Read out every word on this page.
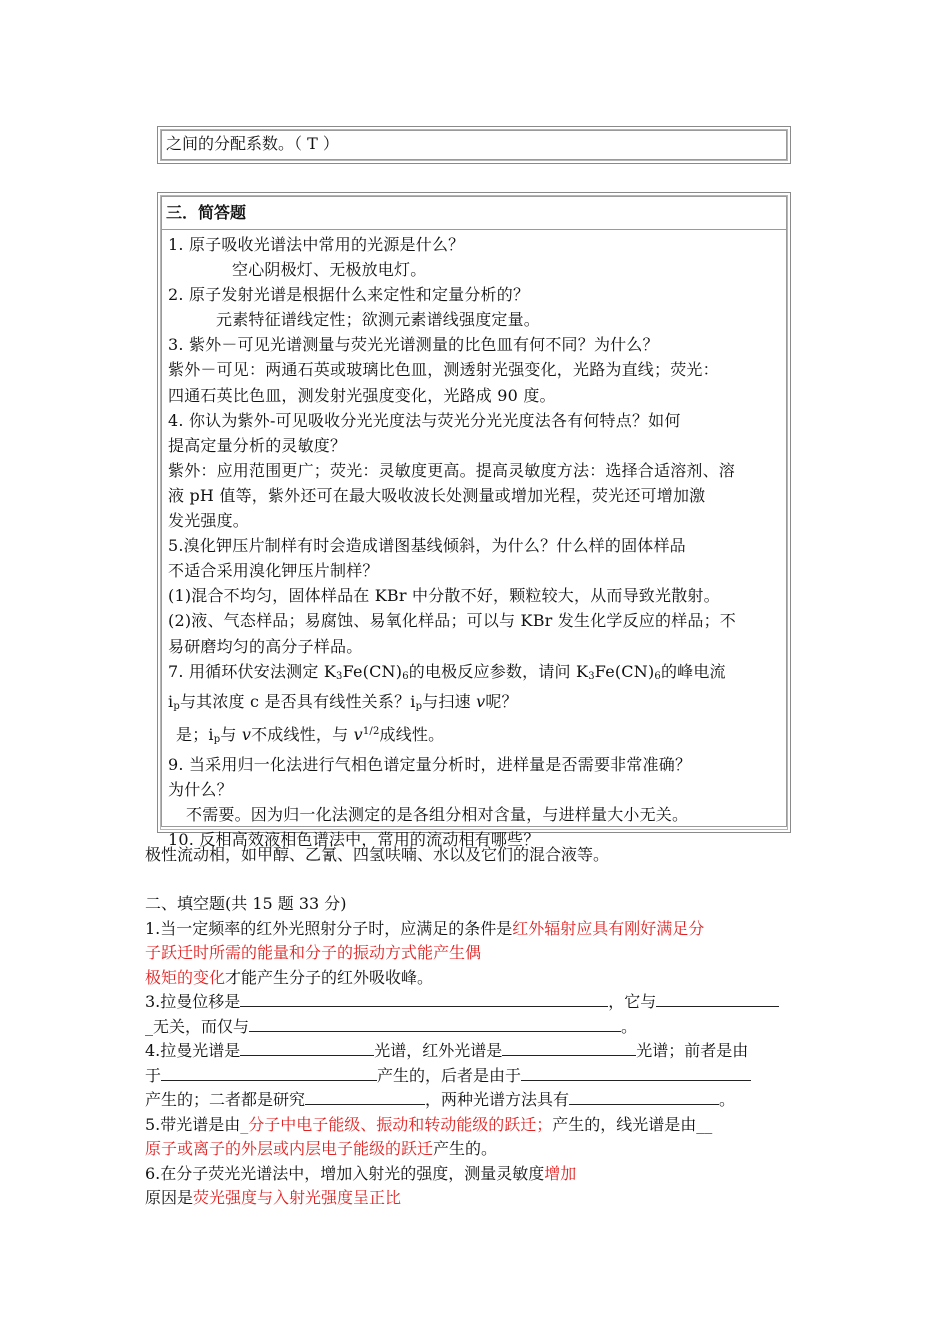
之间的分配系数。（ T ）
三．简答题

1. 原子吸收光谱法中常用的光源是什么？

空心阴极灯、无极放电灯。

2. 原子发射光谱是根据什么来定性和定量分析的？

元素特征谱线定性；欲测元素谱线强度定量。

3. 紫外－可见光谱测量与荧光光谱测量的比色皿有何不同？为什么？

紫外－可见：两通石英或玻璃比色皿，测透射光强变化，光路为直线；荧光：

四通石英比色皿，测发射光强度变化，光路成 90 度。

4. 你认为紫外-可见吸收分光光度法与荧光分光光度法各有何特点？如何

提高定量分析的灵敏度？

紫外：应用范围更广；荧光：灵敏度更高。提高灵敏度方法：选择合适溶剂、溶

液 pH 值等，紫外还可在最大吸收波长处测量或增加光程，荧光还可增加激

发光强度。

5.溴化钾压片制样有时会造成谱图基线倾斜，为什么？什么样的固体样品

不适合采用溴化钾压片制样？

(1)混合不均匀，固体样品在 KBr 中分散不好，颗粒较大，从而导致光散射。

(2)液、气态样品；易腐蚀、易氧化样品；可以与 KBr 发生化学反应的样品；不

易研磨均匀的高分子样品。

7. 用循环伏安法测定 $K_3Fe(CN)_6$的电极反应参数，请问 $K_3Fe(CN)_6$的峰电流

$i_p$与其浓度 c 是否具有线性关系？$i_p$与扫速 v呢？

是；$i_p$与 v不成线性，与 $v^{1/2}$成线性。

9. 当采用归一化法进行气相色谱定量分析时，进样量是否需要非常准确？

为什么？

不需要。因为归一化法测定的是各组分相对含量，与进样量大小无关。

10. 反相高效液相色谱法中，常用的流动相有哪些？

极性流动相，如甲醇、乙氰、四氢呋喃、水以及它们的混合液等。

二、填空题(共 15 题 33 分)

1.当一定频率的红外光照射分子时，应满足的条件是红外辐射应具有刚好满足分

子跃迁时所需的能量和分子的振动方式能产生偶

极矩的变化才能产生分子的红外吸收峰。

3.拉曼位移是	，它与

_无关，而仅与	。

4.拉曼光谱是	光谱，红外光谱是	光谱；前者是由

于	产生的，后者是由于

产生的；二者都是研究	，两种光谱方法具有	。

5.带光谱是由_分子中电子能级、振动和转动能级的跃迁；产生的，线光谱是由__

原子或离子的外层或内层电子能级的跃迁产生的。

6.在分子荧光光谱法中，增加入射光的强度，测量灵敏度增加

原因是荧光强度与入射光强度呈正比
